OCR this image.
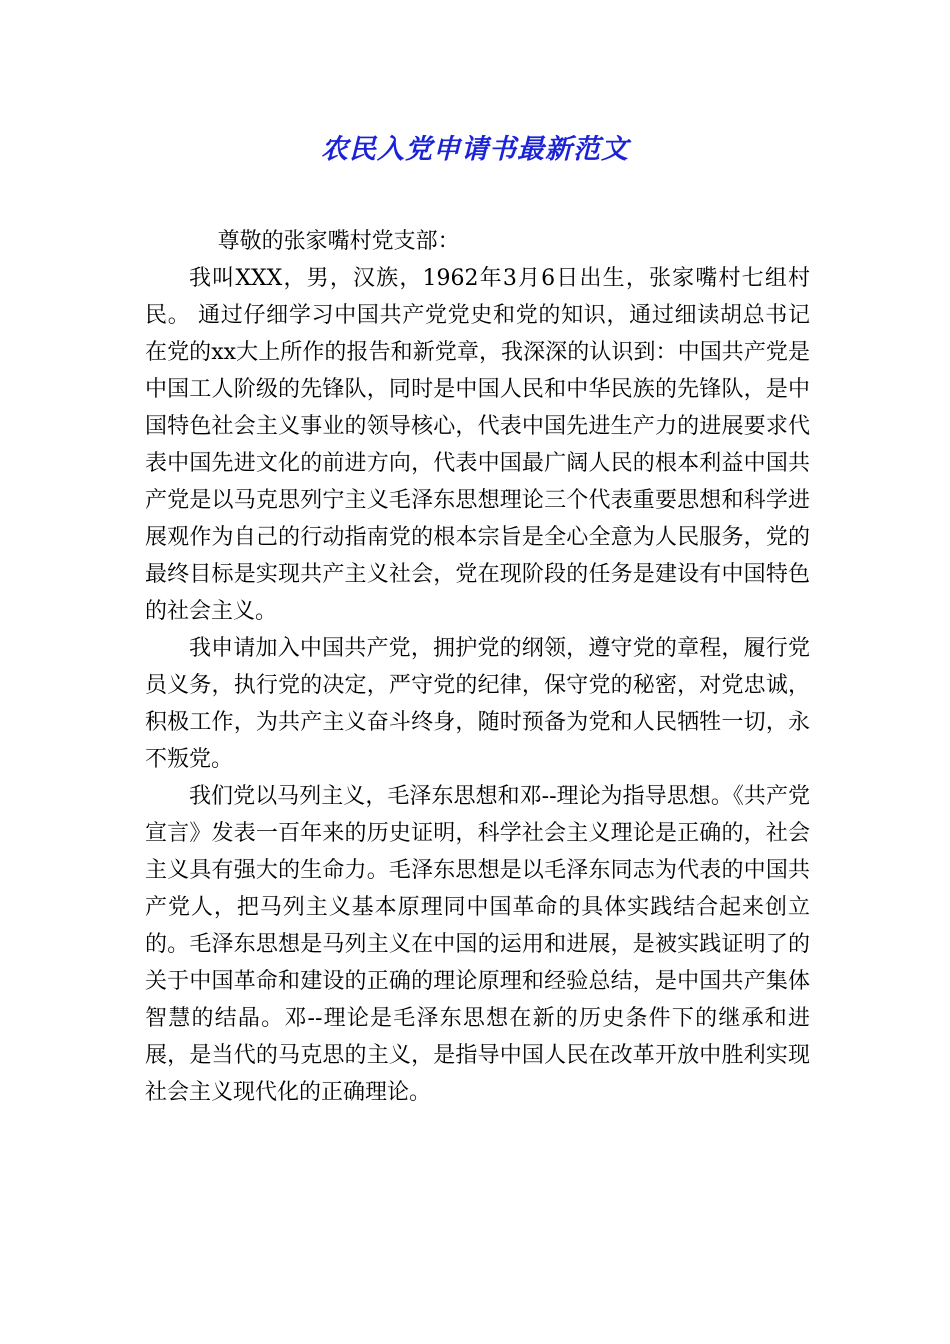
农民入党申请书最新范文

尊敬的张家嘴村党支部：

我叫XXX，男，汉族，1962年3月6日出生，张家嘴村七组村民。 通过仔细学习中国共产党党史和党的知识，通过细读胡总书记在党的xx大上所作的报告和新党章，我深深的认识到：中国共产党是中国工人阶级的先锋队，同时是中国人民和中华民族的先锋队，是中国特色社会主义事业的领导核心，代表中国先进生产力的进展要求代表中国先进文化的前进方向，代表中国最广阔人民的根本利益中国共产党是以马克思列宁主义毛泽东思想理论三个代表重要思想和科学进展观作为自己的行动指南党的根本宗旨是全心全意为人民服务，党的最终目标是实现共产主义社会，党在现阶段的任务是建设有中国特色的社会主义。

我申请加入中国共产党，拥护党的纲领，遵守党的章程，履行党员义务，执行党的决定，严守党的纪律，保守党的秘密，对党忠诚，积极工作，为共产主义奋斗终身，随时预备为党和人民牺牲一切，永不叛党。

我们党以马列主义，毛泽东思想和邓--理论为指导思想。《共产党宣言》发表一百年来的历史证明，科学社会主义理论是正确的，社会主义具有强大的生命力。毛泽东思想是以毛泽东同志为代表的中国共产党人，把马列主义基本原理同中国革命的具体实践结合起来创立的。毛泽东思想是马列主义在中国的运用和进展，是被实践证明了的关于中国革命和建设的正确的理论原理和经验总结，是中国共产集体智慧的结晶。邓--理论是毛泽东思想在新的历史条件下的继承和进展，是当代的马克思的主义，是指导中国人民在改革开放中胜利实现社会主义现代化的正确理论。
